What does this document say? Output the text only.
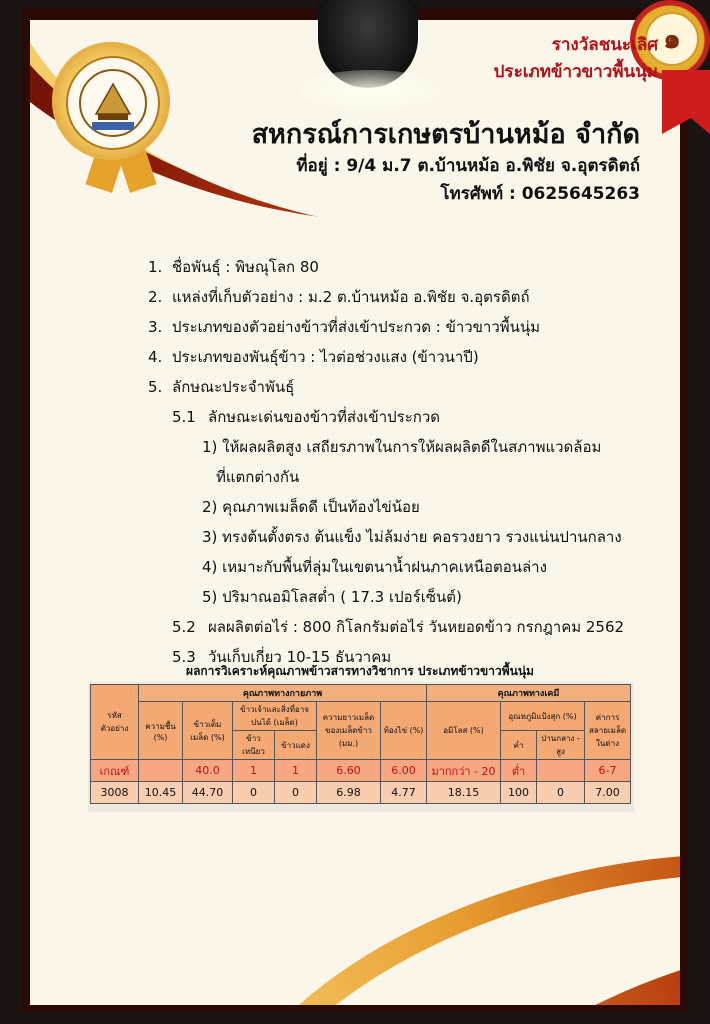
๑
รางวัลชนะเลิศ
ประเภทข้าวขาวพื้นนุ่ม
สหกรณ์การเกษตรบ้านหม้อ จำกัด
ที่อยู่ : 9/4 ม.7 ต.บ้านหม้อ อ.พิชัย จ.อุตรดิตถ์
โทรศัพท์ : 0625645263
1. ชื่อพันธุ์ : พิษณุโลก 80
2. แหล่งที่เก็บตัวอย่าง : ม.2 ต.บ้านหม้อ อ.พิชัย จ.อุตรดิตถ์
3. ประเภทของตัวอย่างข้าวที่ส่งเข้าประกวด : ข้าวขาวพื้นนุ่ม
4. ประเภทของพันธุ์ข้าว : ไวต่อช่วงแสง (ข้าวนาปี)
5. ลักษณะประจำพันธุ์
5.1 ลักษณะเด่นของข้าวที่ส่งเข้าประกวด
1) ให้ผลผลิตสูง เสถียรภาพในการให้ผลผลิตดีในสภาพแวดล้อม
ที่แตกต่างกัน
2) คุณภาพเมล็ดดี เป็นท้องไข่น้อย
3) ทรงต้นตั้งตรง ต้นแข็ง ไม่ล้มง่าย คอรวงยาว รวงแน่นปานกลาง
4) เหมาะกับพื้นที่ลุ่มในเขตนาน้ำฝนภาคเหนือตอนล่าง
5) ปริมาณอมิโลสต่ำ ( 17.3 เปอร์เซ็นต์)
5.2 ผลผลิตต่อไร่ : 800 กิโลกรัมต่อไร่ วันหยอดข้าว กรกฎาคม 2562
5.3 วันเก็บเกี่ยว 10-15 ธันวาคม
ผลการวิเคราะห์คุณภาพข้าวสารทางวิชาการ ประเภทข้าวขาวพื้นนุ่ม
รหัส ตัวอย่าง	คุณภาพทางกายภาพ						คุณภาพทางเคมี			
	ความชื้น (%)	ข้าวเต็มเมล็ด (%)	ข้าวเจ้าและสิ่งที่อาจปนได้ (เมล็ด)		ความยาวเมล็ด ของเมล็ดข้าว (มม.)	ท้องไข่ (%)	อมิโลส (%)	อุณหภูมิแป้งสุก (%)		ค่าการ สลายเมล็ด ในด่าง
			ข้าวเหนียว	ข้าวแดง				ต่ำ	ปานกลาง - สูง	
เกณฑ์		40.0	1	1	6.60	6.00	มากกว่า - 20	ต่ำ		6-7
3008	10.45	44.70	0	0	6.98	4.77	18.15	100	0	7.00
